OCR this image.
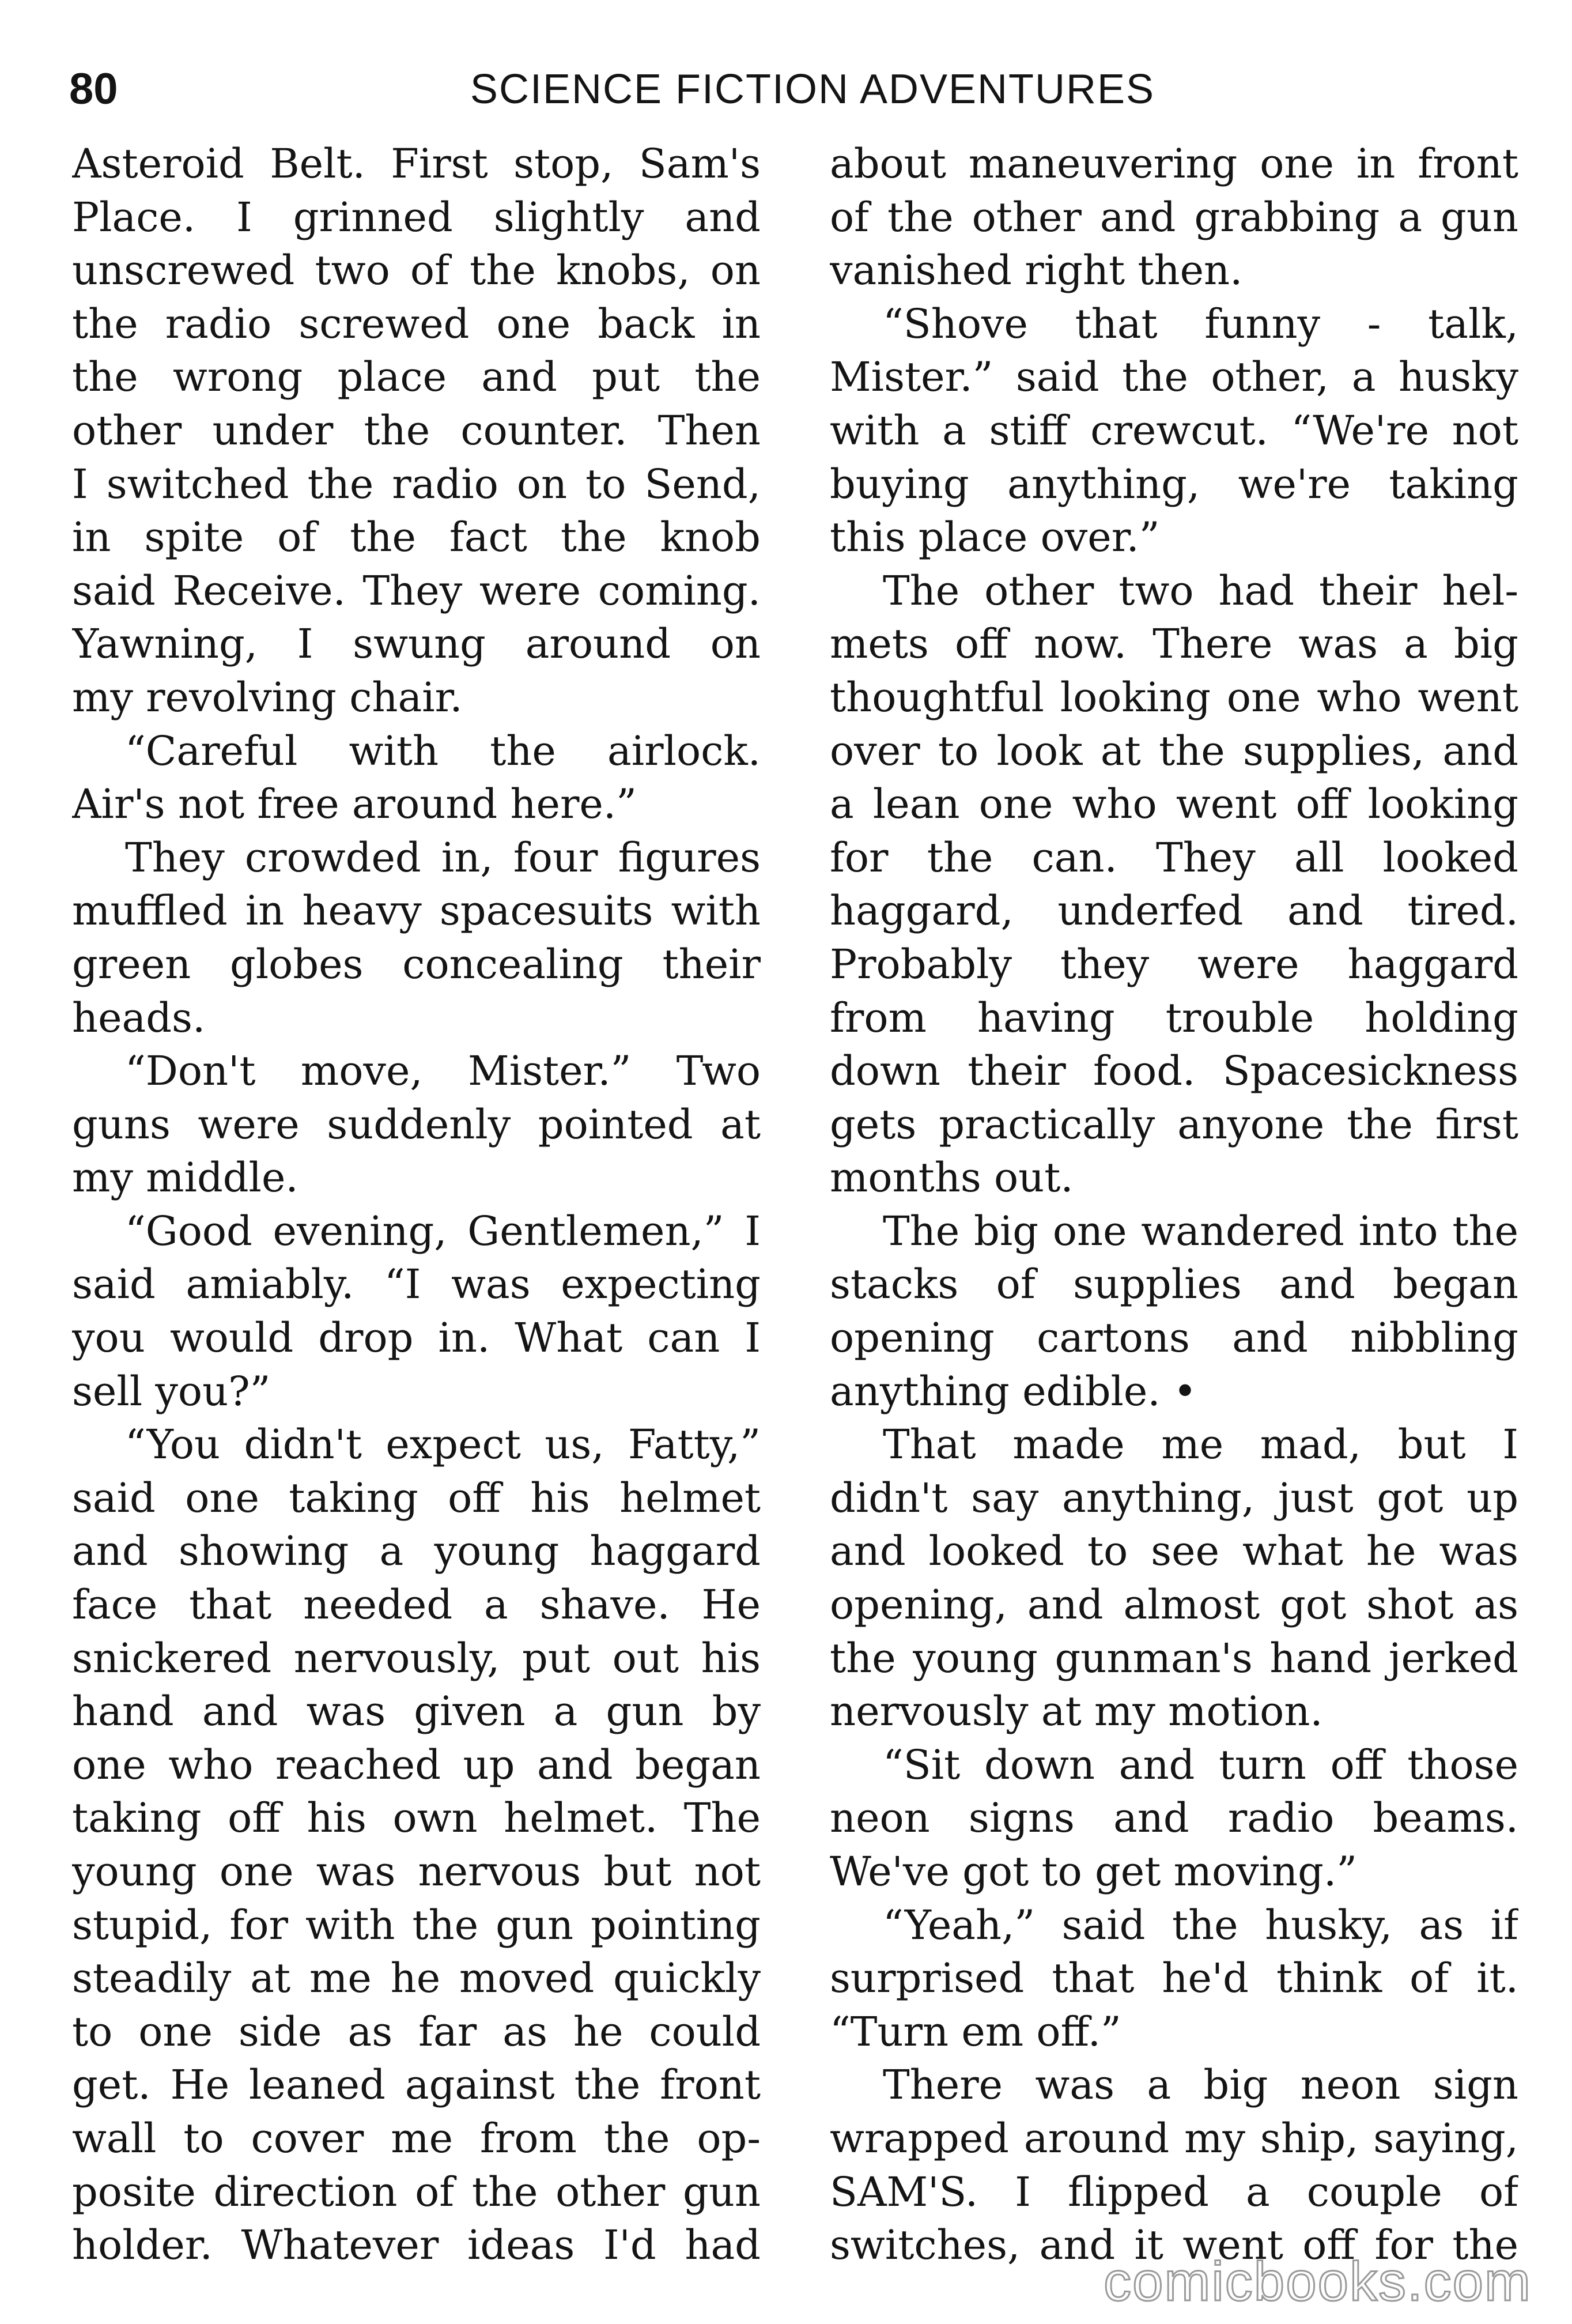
80	SCIENCE FICTION ADVENTURES
Asteroid Belt. First stop, Sam's
Place. I grinned slightly and
unscrewed two of the knobs, on
the radio screwed one back in
the wrong place and put the
other under the counter. Then
I switched the radio on to Send,
in spite of the fact the knob
said Receive. They were coming.
Yawning, I swung around on
my revolving chair.
“Careful with the airlock.
Air's not free around here.”
They crowded in, four figures
muffled in heavy spacesuits with
green globes concealing their
heads.
“Don't move, Mister.” Two
guns were suddenly pointed at
my middle.
“Good evening, Gentlemen,” I
said amiably. “I was expecting
you would drop in. What can I
sell you?”
“You didn't expect us, Fatty,”
said one taking off his helmet
and showing a young haggard
face that needed a shave. He
snickered nervously, put out his
hand and was given a gun by
one who reached up and began
taking off his own helmet. The
young one was nervous but not
stupid, for with the gun pointing
steadily at me he moved quickly
to one side as far as he could
get. He leaned against the front
wall to cover me from the op-
posite direction of the other gun
holder. Whatever ideas I'd had
about maneuvering one in front
of the other and grabbing a gun
vanished right then.
“Shove that funny - talk,
Mister.” said the other, a husky
with a stiff crewcut. “We're not
buying anything, we're taking
this place over.”
The other two had their hel-
mets off now. There was a big
thoughtful looking one who went
over to look at the supplies, and
a lean one who went off looking
for the can. They all looked
haggard, underfed and tired.
Probably they were haggard
from having trouble holding
down their food. Spacesickness
gets practically anyone the first
months out.
The big one wandered into the
stacks of supplies and began
opening cartons and nibbling
anything edible. •
That made me mad, but I
didn't say anything, just got up
and looked to see what he was
opening, and almost got shot as
the young gunman's hand jerked
nervously at my motion.
“Sit down and turn off those
neon signs and radio beams.
We've got to get moving.”
“Yeah,” said the husky, as if
surprised that he'd think of it.
“Turn em off.”
There was a big neon sign
wrapped around my ship, saying,
SAM'S. I flipped a couple of
switches, and it went off for the
comicbooks.com
